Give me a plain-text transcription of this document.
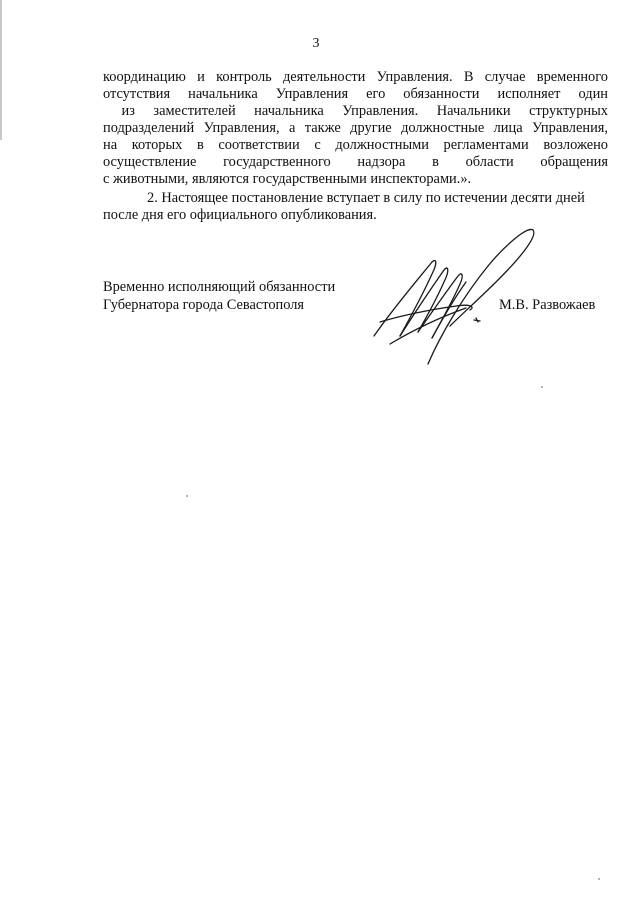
3
координацию и контроль деятельности Управления. В случае временного
отсутствия начальника Управления его обязанности исполняет один
из заместителей начальника Управления. Начальники структурных
подразделений Управления, а также другие должностные лица Управления,
на которых в соответствии с должностными регламентами возложено
осуществление государственного надзора в области обращения
с животными, являются государственными инспекторами.».
2. Настоящее постановление вступает в силу по истечении десяти дней
после дня его официального опубликования.
Временно исполняющий обязанности
Губернатора города Севастополя	М.В. Развожаев
